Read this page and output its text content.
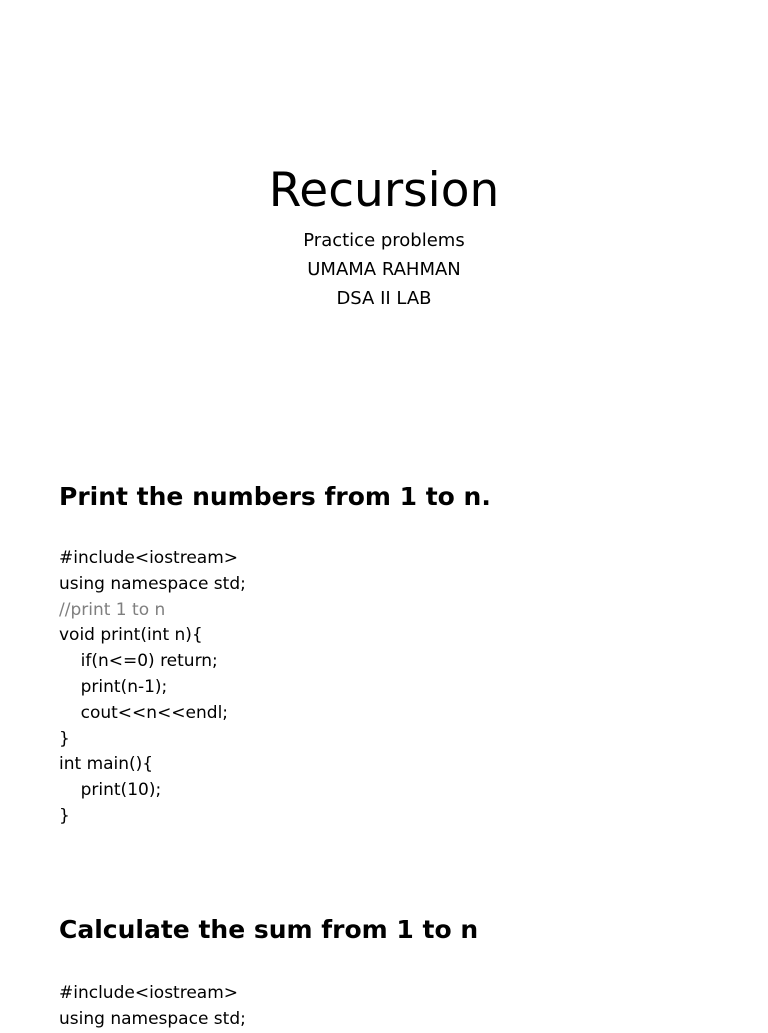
Recursion
Practice problems
UMAMA RAHMAN
DSA II LAB
Print the numbers from 1 to n.
#include<iostream>
using namespace std;
//print 1 to n
void print(int n){
if(n<=0) return;
print(n-1);
cout<<n<<endl;
}
int main(){
print(10);
}
Calculate the sum from 1 to n
#include<iostream>
using namespace std;
